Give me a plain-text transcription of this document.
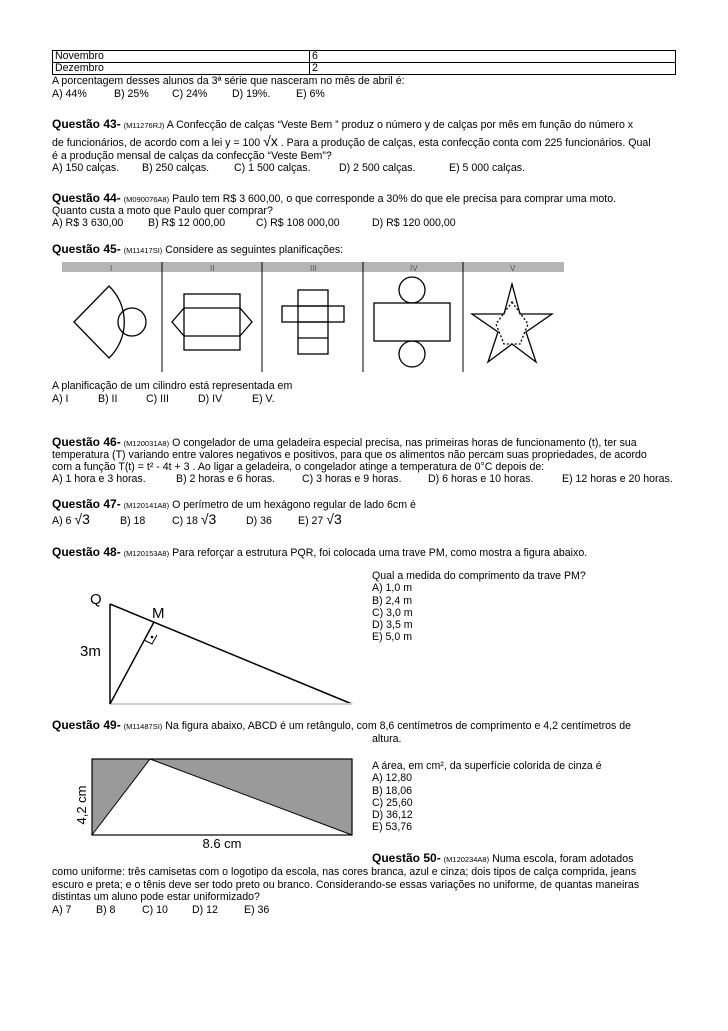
Novembro	6
Dezembro	2
A porcentagem desses alunos da 3ª série que nasceram no mês de abril é:
A) 44%	B) 25% C) 24% D) 19%. E) 6%
Questão 43- (M11276RJ) A Confecção de calças “Veste Bem ” produz o número y de calças por mês em função do número x
de funcionários, de acordo com a lei y = 100 √x . Para a produção de calças, esta confecção conta com 225 funcionários. Qual
é a produção mensal de calças da confecção “Veste Bem”?
A) 150 calças. B) 250 calças. C) 1 500 calças.	D) 2 500 calças.	E) 5 000 calças.
Questão 44- (M090076A8) Paulo tem R$ 3 600,00, o que corresponde a 30% do que ele precisa para comprar uma moto.
Quanto custa a moto que Paulo quer comprar?
A) R$ 3 630,00 B) R$ 12 000,00	C) R$ 108 000,00	D) R$ 120 000,00
Questão 45- (M11417SI) Considere as seguintes planificações:
I	II	III	IV	V
A planificação de um cilindro está representada em
A) I	B) II	C) III	D) IV	E) V.
Questão 46- (M120031A8) O congelador de uma geladeira especial precisa, nas primeiras horas de funcionamento (t), ter sua
temperatura (T) variando entre valores negativos e positivos, para que os alimentos não percam suas propriedades, de acordo
com a função T(t) = t² - 4t + 3 . Ao ligar a geladeira, o congelador atinge a temperatura de 0°C depois de:
A) 1 hora e 3 horas.	B) 2 horas e 6 horas.	C) 3 horas e 9 horas. D) 6 horas e 10 horas.	E) 12 horas e 20 horas.
Questão 47- (M120141A8) O perímetro de um hexágono regular de lado 6cm é
A) 6 √3	B) 18	C) 18 √3	D) 36 E) 27 √3
Questão 48- (M120153A8) Para reforçar a estrutura PQR, foi colocada uma trave PM, como mostra a figura abaixo.
Q
M
3m
Qual a medida do comprimento da trave PM?
A) 1,0 m
B) 2,4 m
C) 3,0 m
D) 3,5 m
E) 5,0 m
Questão 49- (M11487SI) Na figura abaixo, ABCD é um retângulo, com 8,6 centímetros de comprimento e 4,2 centímetros de
altura.
4,2 cm
8.6 cm
A área, em cm², da superfície colorida de cinza é
A) 12,80
B) 18,06
C) 25,60
D) 36,12
E) 53,76
Questão 50- (M120234A8) Numa escola, foram adotados
como uniforme: três camisetas com o logotipo da escola, nas cores branca, azul e cinza; dois tipos de calça comprida, jeans
escuro e preta; e o tênis deve ser todo preto ou branco. Considerando-se essas variações no uniforme, de quantas maneiras
distintas um aluno pode estar uniformizado?
A) 7 B) 8	C) 10 D) 12 E) 36
